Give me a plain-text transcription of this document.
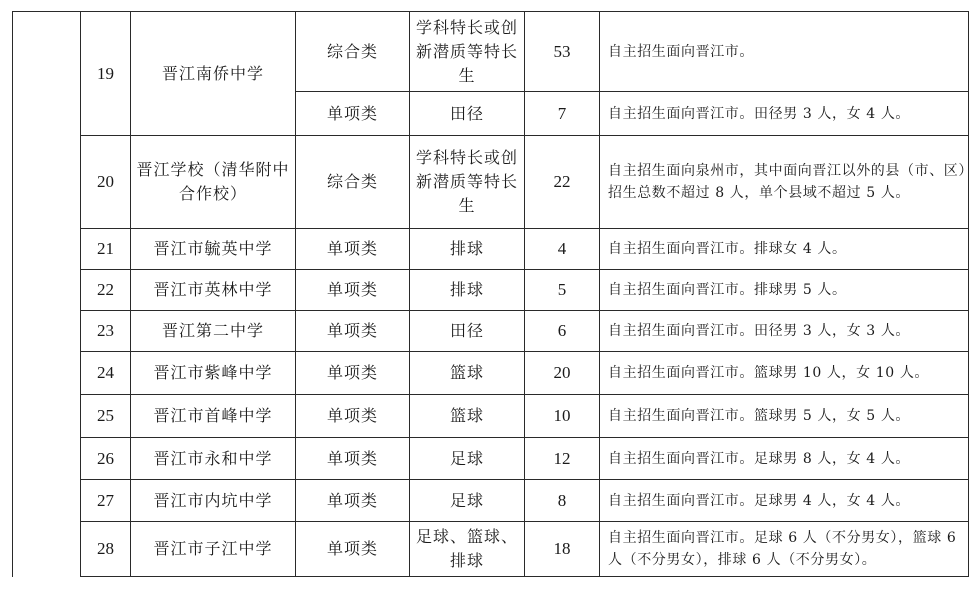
	19	晋江南侨中学	综合类	学科特长或创新潜质等特长生	53	自主招生面向晋江市。
			单项类	田径	7	自主招生面向晋江市。田径男 3 人，女 4 人。
	20	晋江学校（清华附中合作校）	综合类	学科特长或创新潜质等特长生	22	自主招生面向泉州市，其中面向晋江以外的县（市、区）招生总数不超过 8 人，单个县域不超过 5 人。
	21	晋江市毓英中学	单项类	排球	4	自主招生面向晋江市。排球女 4 人。
	22	晋江市英林中学	单项类	排球	5	自主招生面向晋江市。排球男 5 人。
	23	晋江第二中学	单项类	田径	6	自主招生面向晋江市。田径男 3 人，女 3 人。
	24	晋江市紫峰中学	单项类	篮球	20	自主招生面向晋江市。篮球男 10 人，女 10 人。
	25	晋江市首峰中学	单项类	篮球	10	自主招生面向晋江市。篮球男 5 人，女 5 人。
	26	晋江市永和中学	单项类	足球	12	自主招生面向晋江市。足球男 8 人，女 4 人。
	27	晋江市内坑中学	单项类	足球	8	自主招生面向晋江市。足球男 4 人，女 4 人。
	28	晋江市子江中学	单项类	足球、篮球、排球	18	自主招生面向晋江市。足球 6 人（不分男女），篮球 6 人（不分男女），排球 6 人（不分男女）。
